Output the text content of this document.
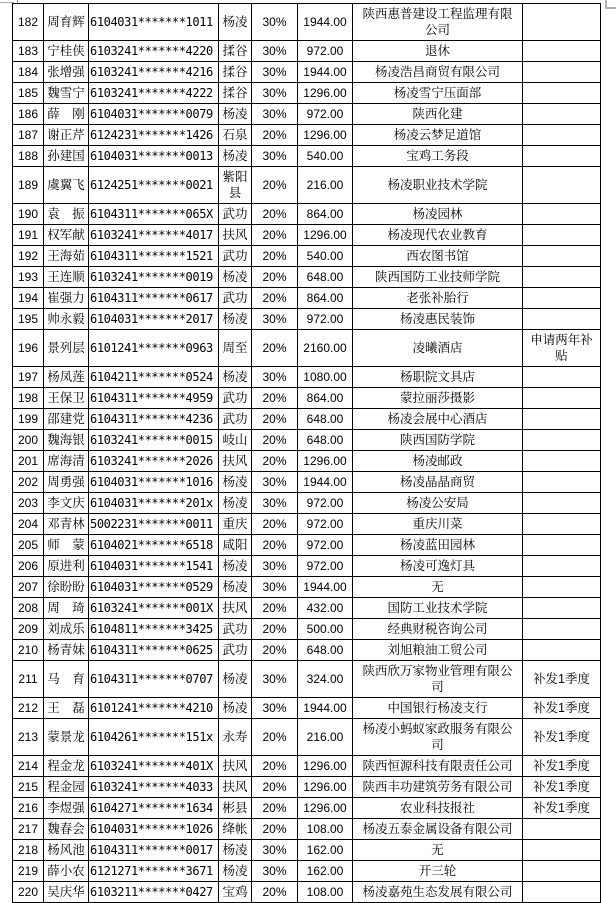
182	周育辉	6104031*******1011	杨凌	30%	1944.00	陕西惠普建设工程监理有限公司	
183	宁桂侠	6103241*******4220	揉谷	30%	972.00	退休	
184	张增强	6103241*******4216	揉谷	30%	1944.00	杨凌浩昌商贸有限公司	
185	魏雪宁	6103241*******4222	揉谷	30%	1296.00	杨凌雪宁压面部	
186	薛　刚	6104031*******0079	杨凌	30%	972.00	陕西化建	
187	谢正芹	6124231*******1426	石泉	20%	1296.00	杨凌云梦足道馆	
188	孙建国	6104031*******0013	杨凌	30%	540.00	宝鸡工务段	
189	虞翼飞	6124251*******0021	紫阳县	20%	216.00	杨凌职业技术学院	
190	袁　振	6104311*******065X	武功	20%	864.00	杨凌园林	
191	权军献	6103241*******4017	扶风	20%	1296.00	杨凌现代农业教育	
192	王海茹	6104311*******1521	武功	20%	540.00	西农图书馆	
193	王连顺	6103241*******0019	杨凌	20%	648.00	陕西国防工业技师学院	
194	崔强力	6104311*******0617	武功	20%	864.00	老张补胎行	
195	帅永毅	6104031*******2017	杨凌	30%	972.00	杨凌惠民装饰	
196	景列层	6101241*******0963	周至	20%	2160.00	凌曦酒店	申请两年补贴
197	杨凤莲	6104211*******0524	杨凌	30%	1080.00	杨职院文具店	
198	王保卫	6104311*******4959	武功	20%	864.00	蒙拉丽莎摄影	
199	邵建党	6104311*******4236	武功	20%	648.00	杨凌会展中心酒店	
200	魏海银	6103241*******0015	岐山	20%	648.00	陕西国防学院	
201	席海清	6103241*******2026	扶风	20%	1296.00	杨凌邮政	
202	周勇强	6104031*******1016	杨凌	30%	1944.00	杨凌晶晶商贸	
203	李文庆	6104031*******201x	杨凌	30%	972.00	杨凌公安局	
204	邓青林	5002231*******0011	重庆	20%	972.00	重庆川菜	
205	师　蒙	6104021*******6518	咸阳	20%	972.00	杨凌蓝田园林	
206	原进利	6104031*******1541	杨凌	30%	972.00	杨凌可逸灯具	
207	徐盼盼	6104031*******0529	杨凌	30%	1944.00	无	
208	周　琦	6103241*******001X	扶风	20%	432.00	国防工业技术学院	
209	刘成乐	6104811*******3425	武功	20%	500.00	经典财税咨询公司	
210	杨青妹	6104311*******0625	武功	20%	648.00	刘旭粮油工贸公司	
211	马　育	6104311*******0707	杨凌	30%	324.00	陕西欣万家物业管理有限公司	补发1季度
212	王　磊	6101241*******4210	杨凌	30%	1944.00	中国银行杨凌支行	补发1季度
213	蒙景龙	6104261*******151x	永寿	20%	216.00	杨凌小蚂蚁家政服务有限公司	补发1季度
214	程金龙	6103241*******401X	扶风	20%	1296.00	陕西恒源科技有限责任公司	补发1季度
215	程金园	6103241*******4033	扶风	20%	1296.00	陕西丰功建筑劳务有限公司	补发1季度
216	李煜强	6104271*******1634	彬县	20%	1296.00	农业科技报社	补发1季度
217	魏春会	6104031*******1026	绛帐	20%	108.00	杨凌五泰金属设备有限公司	
218	杨风池	6104311*******0017	杨凌	30%	162.00	无	
219	薛小农	6121271*******3671	杨凌	30%	162.00	开三轮	
220	吴庆华	6103211*******0427	宝鸡	20%	108.00	杨凌嘉苑生态发展有限公司	
